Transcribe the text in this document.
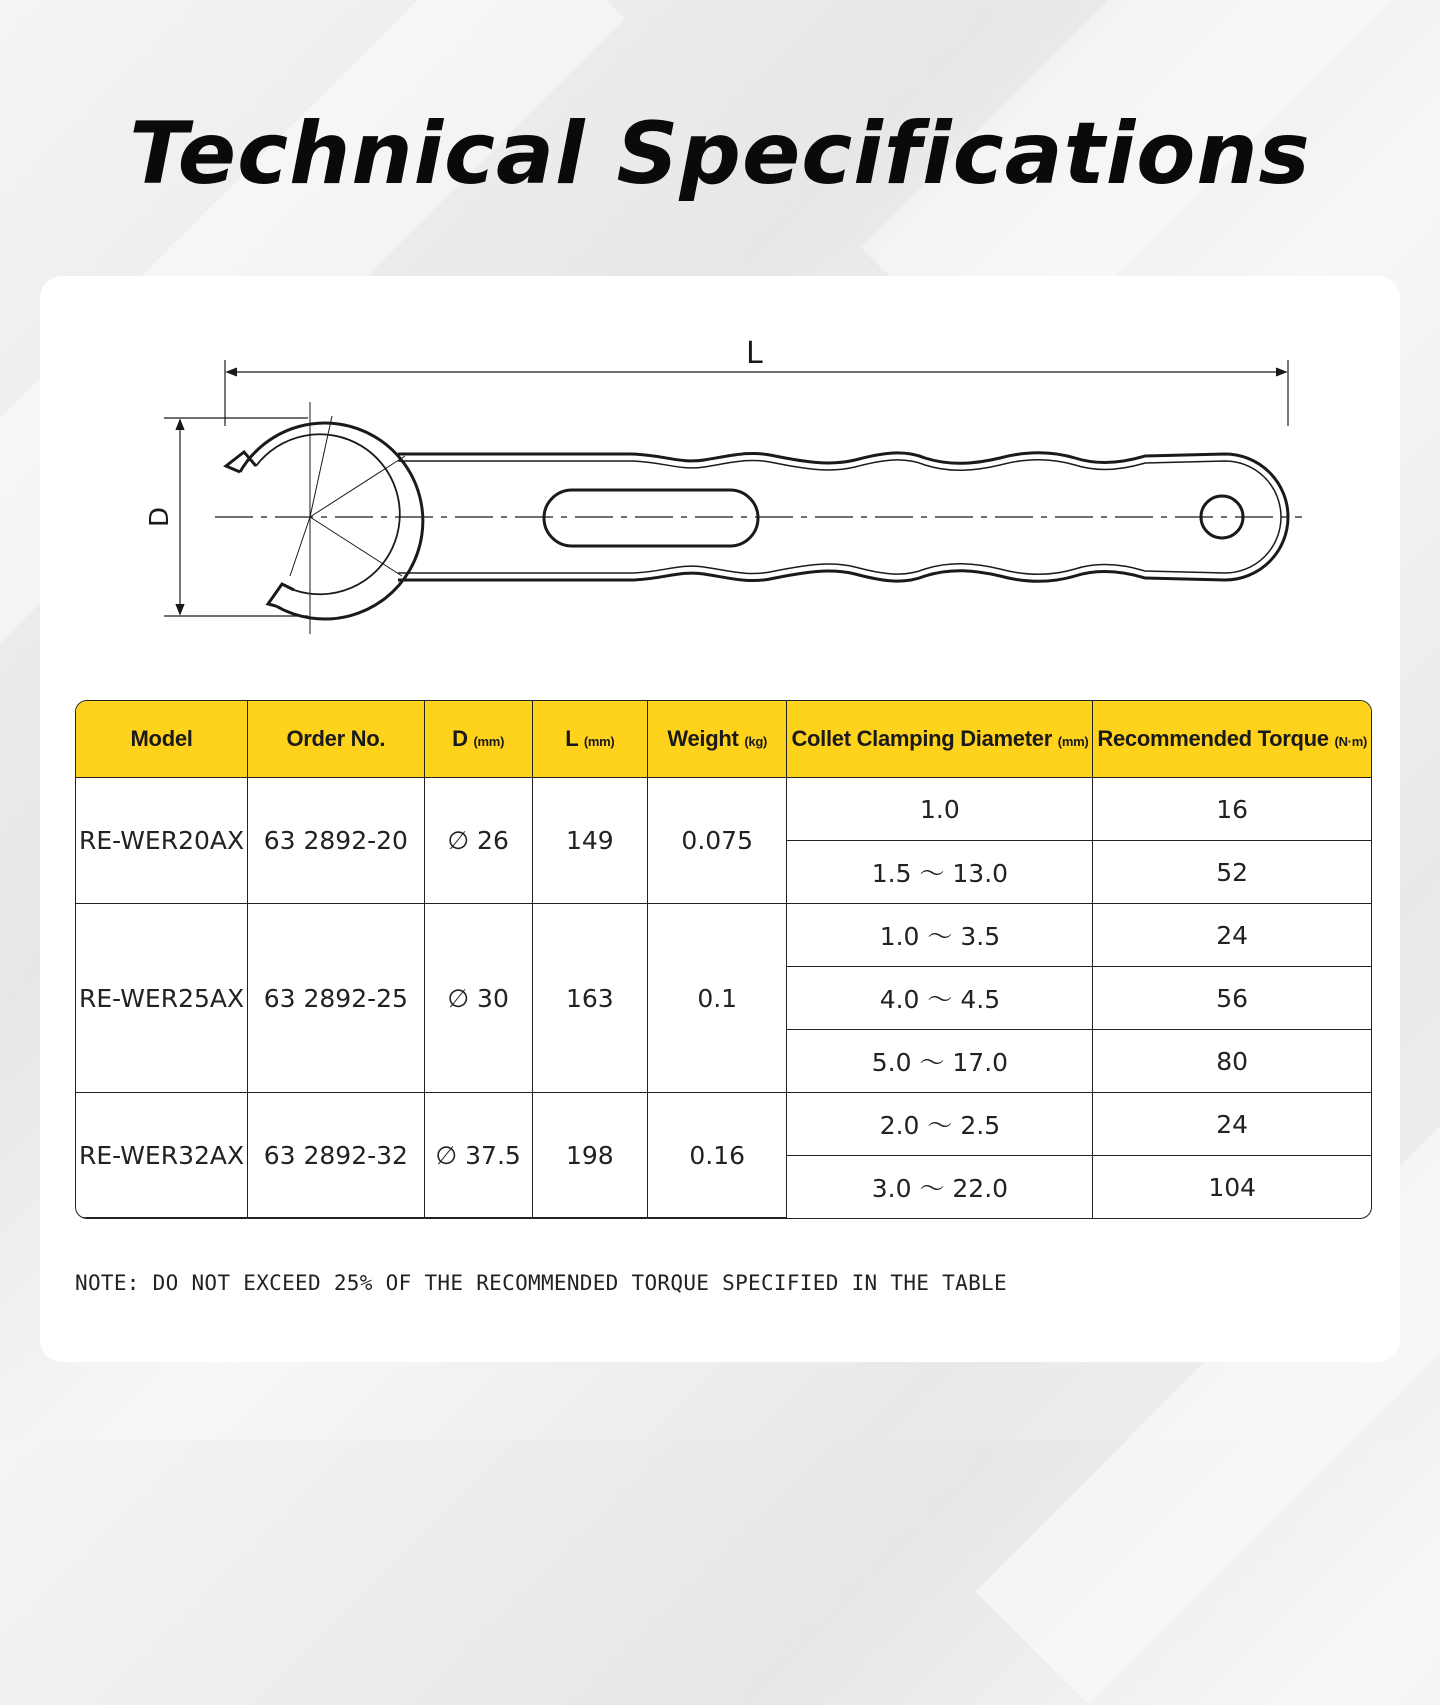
Technical Specifications
L
D
Model	Order No.	D (mm)	L (mm)	Weight (kg)	Collet Clamping Diameter (mm)	Recommended Torque (N·m)
RE-WER20AX	63 2892-20	∅ 26	149	0.075	1.0	16
					1.5 ～ 13.0	52
RE-WER25AX	63 2892-25	∅ 30	163	0.1	1.0 ～ 3.5	24
					4.0 ～ 4.5	56
					5.0 ～ 17.0	80
RE-WER32AX	63 2892-32	∅ 37.5	198	0.16	2.0 ～ 2.5	24
					3.0 ～ 22.0	104
NOTE: DO NOT EXCEED 25% OF THE RECOMMENDED TORQUE SPECIFIED IN THE TABLE
